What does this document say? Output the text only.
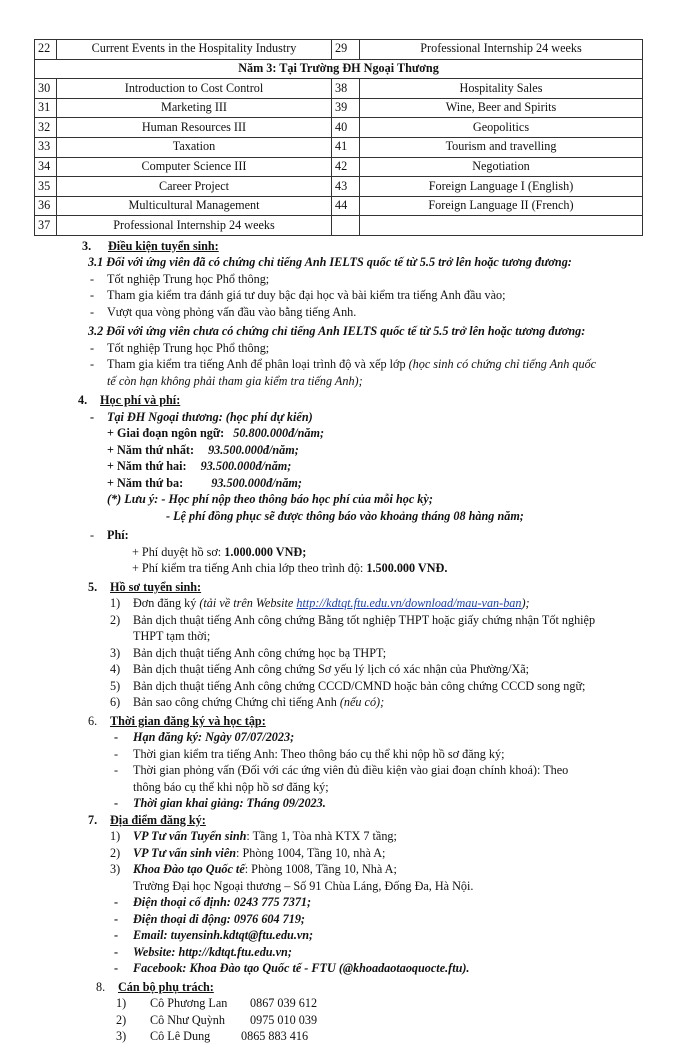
22	Current Events in the Hospitality Industry	29	Professional Internship 24 weeks
Năm 3: Tại Trường ĐH Ngoại Thương			
30	Introduction to Cost Control	38	Hospitality Sales
31	Marketing III	39	Wine, Beer and Spirits
32	Human Resources III	40	Geopolitics
33	Taxation	41	Tourism and travelling
34	Computer Science III	42	Negotiation
35	Career Project	43	Foreign Language I (English)
36	Multicultural Management	44	Foreign Language II (French)
37	Professional Internship 24 weeks		
3. Điều kiện tuyển sinh:
3.1 Đối với ứng viên đã có chứng chỉ tiếng Anh IELTS quốc tế từ 5.5 trở lên hoặc tương đương:
- Tốt nghiệp Trung học Phổ thông;
- Tham gia kiểm tra đánh giá tư duy bậc đại học và bài kiểm tra tiếng Anh đầu vào;
- Vượt qua vòng phỏng vấn đầu vào bằng tiếng Anh.
3.2 Đối với ứng viên chưa có chứng chỉ tiếng Anh IELTS quốc tế từ 5.5 trở lên hoặc tương đương:
- Tốt nghiệp Trung học Phổ thông;
- Tham gia kiểm tra tiếng Anh để phân loại trình độ và xếp lớp (học sinh có chứng chỉ tiếng Anh quốc
tế còn hạn không phải tham gia kiểm tra tiếng Anh);
4. Học phí và phí:
- Tại ĐH Ngoại thương: (học phí dự kiến)
+ Giai đoạn ngôn ngữ: 50.800.000đ/năm;
+ Năm thứ nhất: 93.500.000đ/năm;
+ Năm thứ hai: 93.500.000đ/năm;
+ Năm thứ ba: 93.500.000đ/năm;
(*) Lưu ý: - Học phí nộp theo thông báo học phí của mỗi học kỳ;
- Lệ phí đồng phục sẽ được thông báo vào khoảng tháng 08 hàng năm;
- Phí:
+ Phí duyệt hồ sơ: 1.000.000 VNĐ;
+ Phí kiểm tra tiếng Anh chia lớp theo trình độ: 1.500.000 VNĐ.
5. Hồ sơ tuyển sinh:
1) Đơn đăng ký (tải về trên Website http://kdtqt.ftu.edu.vn/download/mau-van-ban);
2) Bản dịch thuật tiếng Anh công chứng Bằng tốt nghiệp THPT hoặc giấy chứng nhận Tốt nghiệp
THPT tạm thời;
3) Bản dịch thuật tiếng Anh công chứng học bạ THPT;
4) Bản dịch thuật tiếng Anh công chứng Sơ yếu lý lịch có xác nhận của Phường/Xã;
5) Bản dịch thuật tiếng Anh công chứng CCCD/CMND hoặc bản công chứng CCCD song ngữ;
6) Bản sao công chứng Chứng chỉ tiếng Anh (nếu có);
6. Thời gian đăng ký và học tập:
- Hạn đăng ký: Ngày 07/07/2023;
- Thời gian kiểm tra tiếng Anh: Theo thông báo cụ thể khi nộp hồ sơ đăng ký;
- Thời gian phỏng vấn (Đối với các ứng viên đủ điều kiện vào giai đoạn chính khoá): Theo
thông báo cụ thể khi nộp hồ sơ đăng ký;
- Thời gian khai giảng: Tháng 09/2023.
7. Địa điểm đăng ký:
1) VP Tư vấn Tuyển sinh: Tầng 1, Tòa nhà KTX 7 tầng;
2) VP Tư vấn sinh viên: Phòng 1004, Tầng 10, nhà A;
3) Khoa Đào tạo Quốc tế: Phòng 1008, Tầng 10, Nhà A;
Trường Đại học Ngoại thương – Số 91 Chùa Láng, Đống Đa, Hà Nội.
- Điện thoại cố định: 0243 775 7371;
- Điện thoại di động: 0976 604 719;
- Email: tuyensinh.kdtqt@ftu.edu.vn;
- Website: http://kdtqt.ftu.edu.vn;
- Facebook: Khoa Đào tạo Quốc tế - FTU (@khoadaotaoquocte.ftu).
8. Cán bộ phụ trách:
1) Cô Phương Lan 0867 039 612
2) Cô Như Quỳnh 0975 010 039
3) Cô Lê Dung	0865 883 416
